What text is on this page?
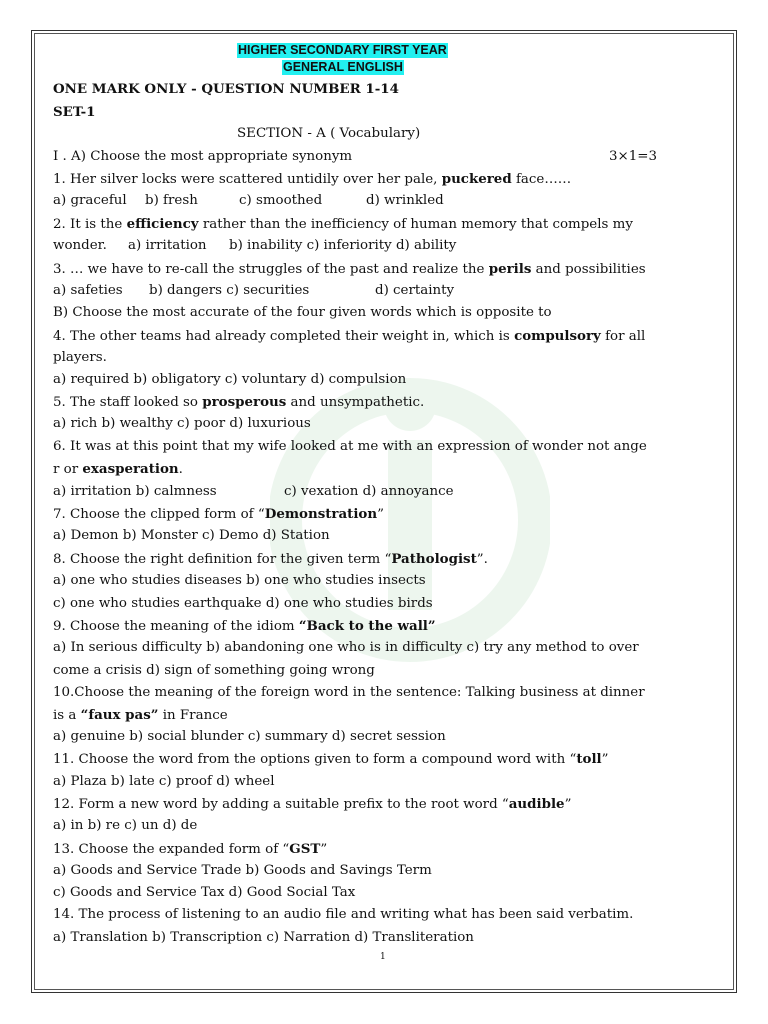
HIGHER SECONDARY FIRST YEAR
GENERAL ENGLISH
ONE MARK ONLY - QUESTION NUMBER 1-14
SET-1
SECTION - A ( Vocabulary)
I . A) Choose the most appropriate synonym	3×1=3
1. Her silver locks were scattered untidily over her pale, puckered face……
a) graceful b) fresh	c) smoothed	d) wrinkled
2. It is the efficiency rather than the inefficiency of human memory that compels my
wonder. a) irritation b) inability c) inferiority d) ability
3. … we have to re-call the struggles of the past and realize the perils and possibilities
a) safeties b) dangers c) securities	d) certainty
B) Choose the most accurate of the four given words which is opposite to
4. The other teams had already completed their weight in, which is compulsory for all
players.
a) required b) obligatory c) voluntary d) compulsion
5. The staff looked so prosperous and unsympathetic.
a) rich b) wealthy c) poor d) luxurious
6. It was at this point that my wife looked at me with an expression of wonder not ange
r or exasperation.
a) irritation b) calmness	c) vexation d) annoyance
7. Choose the clipped form of “Demonstration”
a) Demon b) Monster c) Demo d) Station
8. Choose the right definition for the given term “Pathologist”.
a) one who studies diseases b) one who studies insects
c) one who studies earthquake d) one who studies birds
9. Choose the meaning of the idiom “Back to the wall”
a) In serious difficulty b) abandoning one who is in difficulty c) try any method to over
come a crisis d) sign of something going wrong
10.Choose the meaning of the foreign word in the sentence: Talking business at dinner
is a “faux pas” in France
a) genuine b) social blunder c) summary d) secret session
11. Choose the word from the options given to form a compound word with “toll”
a) Plaza b) late c) proof d) wheel
12. Form a new word by adding a suitable prefix to the root word “audible”
a) in b) re c) un d) de
13. Choose the expanded form of “GST”
a) Goods and Service Trade b) Goods and Savings Term
c) Goods and Service Tax d) Good Social Tax
14. The process of listening to an audio file and writing what has been said verbatim.
a) Translation b) Transcription c) Narration d) Transliteration
1
